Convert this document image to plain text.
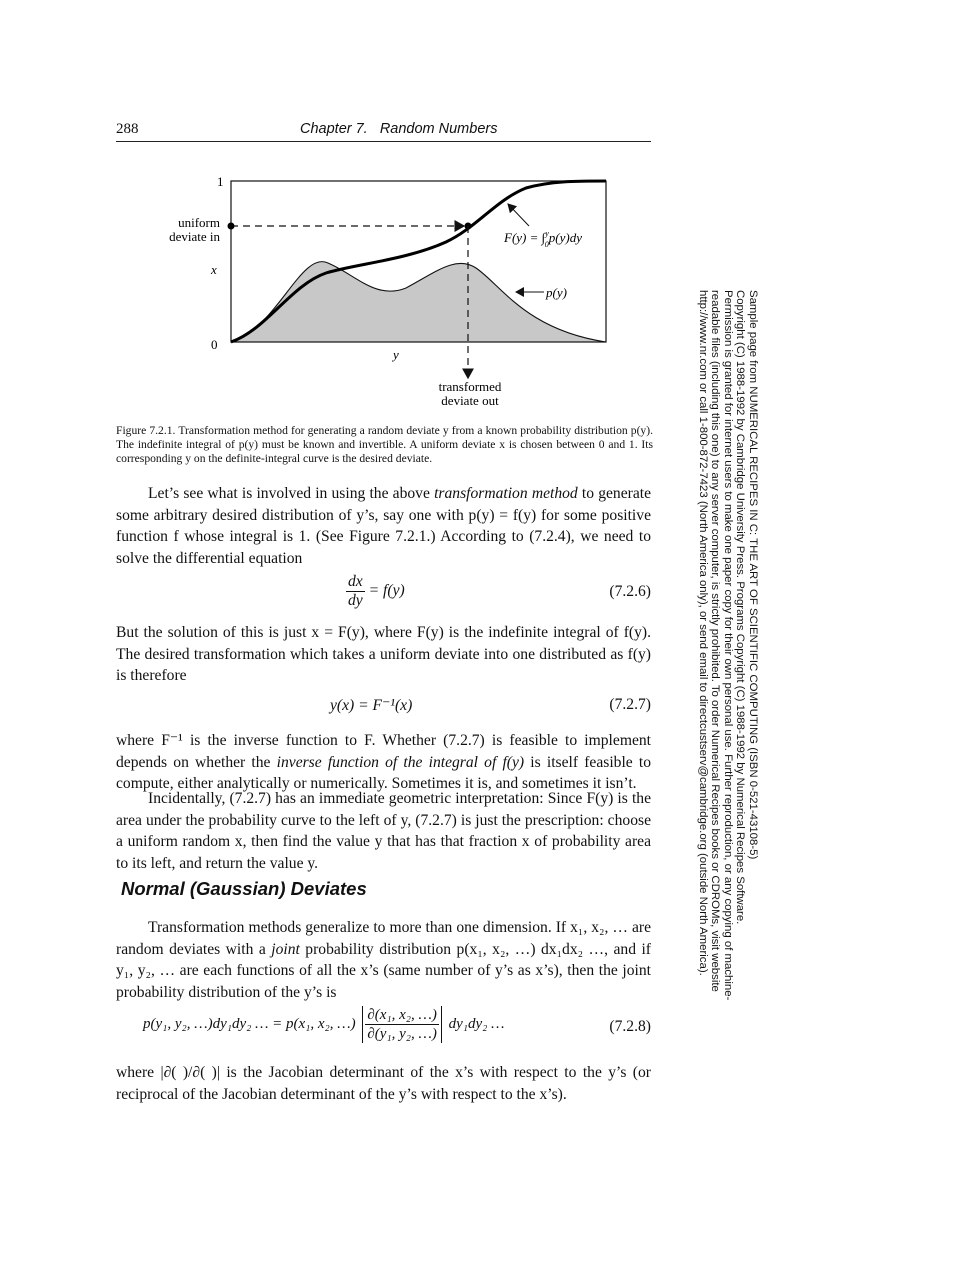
288	Chapter 7. Random Numbers
1
uniform
deviate in
x
0
y
transformed
deviate out
F(y) = ∫$^y$ 0p(y)dy
p(y)
Figure 7.2.1. Transformation method for generating a random deviate y from a known probability distribution p(y). The indefinite integral of p(y) must be known and invertible. A uniform deviate x is chosen between 0 and 1. Its corresponding y on the definite-integral curve is the desired deviate.
Let’s see what is involved in using the above transformation method to generate some arbitrary desired distribution of y’s, say one with p(y) = f(y) for some positive function f whose integral is 1. (See Figure 7.2.1.) According to (7.2.4), we need to solve the differential equation
$\frac{dx}{dy} = f(y)$	(7.2.6)
But the solution of this is just x = F(y), where F(y) is the indefinite integral of f(y). The desired transformation which takes a uniform deviate into one distributed as f(y) is therefore
y(x) = F⁻¹(x)	(7.2.7)
where F⁻¹ is the inverse function to F. Whether (7.2.7) is feasible to implement depends on whether the inverse function of the integral of f(y) is itself feasible to compute, either analytically or numerically. Sometimes it is, and sometimes it isn’t.
Incidentally, (7.2.7) has an immediate geometric interpretation: Since F(y) is the area under the probability curve to the left of y, (7.2.7) is just the prescription: choose a uniform random x, then find the value y that has that fraction x of probability area to its left, and return the value y.
Normal (Gaussian) Deviates
Transformation methods generalize to more than one dimension. If x₁, x₂, … are random deviates with a joint probability distribution p(x₁, x₂, …) dx₁dx₂ …, and if y₁, y₂, … are each functions of all the x’s (same number of y’s as x’s), then the joint probability distribution of the y’s is
p(y₁, y₂, …)dy₁dy₂ … = p(x₁, x₂, …) $\frac{\text{∂(x₁, x₂, …)}}{\text{∂(y₁, y₂, …)}} dy_1dy_2$ …	(7.2.8)
where |∂( )/∂( )| is the Jacobian determinant of the x’s with respect to the y’s (or reciprocal of the Jacobian determinant of the y’s with respect to the x’s).
Sample page from NUMERICAL RECIPES IN C: THE ART OF SCIENTIFIC COMPUTING (ISBN 0-521-43108-5)
Copyright (C) 1988-1992 by Cambridge University Press. Programs Copyright (C) 1988-1992 by Numerical Recipes Software.
Permission is granted for internet users to make one paper copy for their own personal use. Further reproduction, or any copying of machine-
readable files (including this one) to any server computer, is strictly prohibited. To order Numerical Recipes books or CDROMs, visit website
http://www.nr.com or call 1-800-872-7423 (North America only), or send email to directcustserv@cambridge.org (outside North America).
